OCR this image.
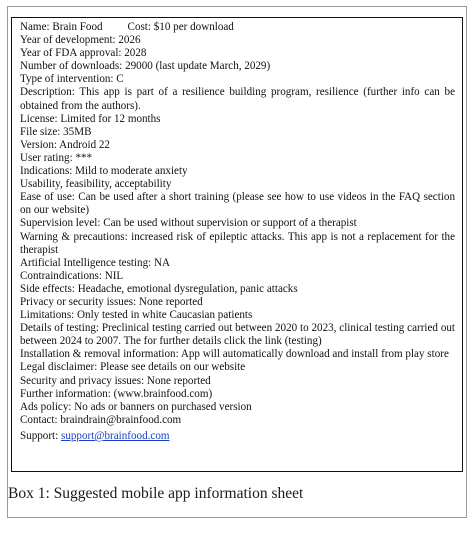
Name: Brain Food Cost: $10 per download

Year of development: 2026

Year of FDA approval: 2028

Number of downloads: 29000 (last update March, 2029)

Type of intervention: C

Description: This app is part of a resilience building program, resilience (further info can be obtained from the authors).

License: Limited for 12 months

File size: 35MB

Version: Android 22

User rating: ***

Indications: Mild to moderate anxiety

Usability, feasibility, acceptability

Ease of use: Can be used after a short training (please see how to use videos in the FAQ section on our website)

Supervision level: Can be used without supervision or support of a therapist

Warning & precautions: increased risk of epileptic attacks. This app is not a replacement for the therapist

Artificial Intelligence testing: NA

Contraindications: NIL

Side effects: Headache, emotional dysregulation, panic attacks

Privacy or security issues: None reported

Limitations: Only tested in white Caucasian patients

Details of testing: Preclinical testing carried out between 2020 to 2023, clinical testing carried out between 2024 to 2007. The for further details click the link (testing)

Installation & removal information: App will automatically download and install from play store

Legal disclaimer: Please see details on our website

Security and privacy issues: None reported

Further information: (www.brainfood.com)

Ads policy: No ads or banners on purchased version

Contact: braindrain@brainfood.com

Support: support@brainfood.com

Box 1: Suggested mobile app information sheet
